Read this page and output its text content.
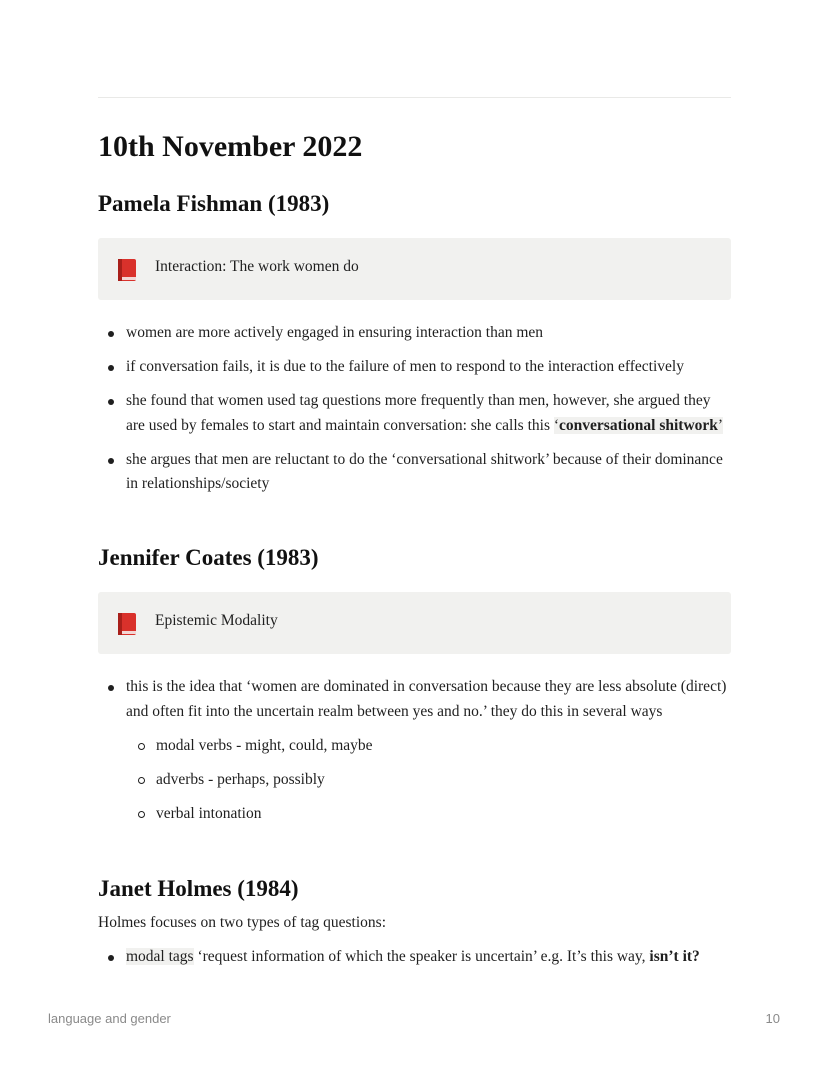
10th November 2022
Pamela Fishman (1983)
Interaction: The work women do
women are more actively engaged in ensuring interaction than men
if conversation fails, it is due to the failure of men to respond to the interaction effectively
she found that women used tag questions more frequently than men, however, she argued they are used by females to start and maintain conversation: she calls this ‘conversational shitwork’
she argues that men are reluctant to do the ‘conversational shitwork’ because of their dominance in relationships/society
Jennifer Coates (1983)
Epistemic Modality
this is the idea that ‘women are dominated in conversation because they are less absolute (direct) and often fit into the uncertain realm between yes and no.’ they do this in several ways
modal verbs - might, could, maybe
adverbs - perhaps, possibly
verbal intonation
Janet Holmes (1984)

Holmes focuses on two types of tag questions:

modal tags ‘request information of which the speaker is uncertain’ e.g. It’s this way, isn’t it?
language and gender	10
